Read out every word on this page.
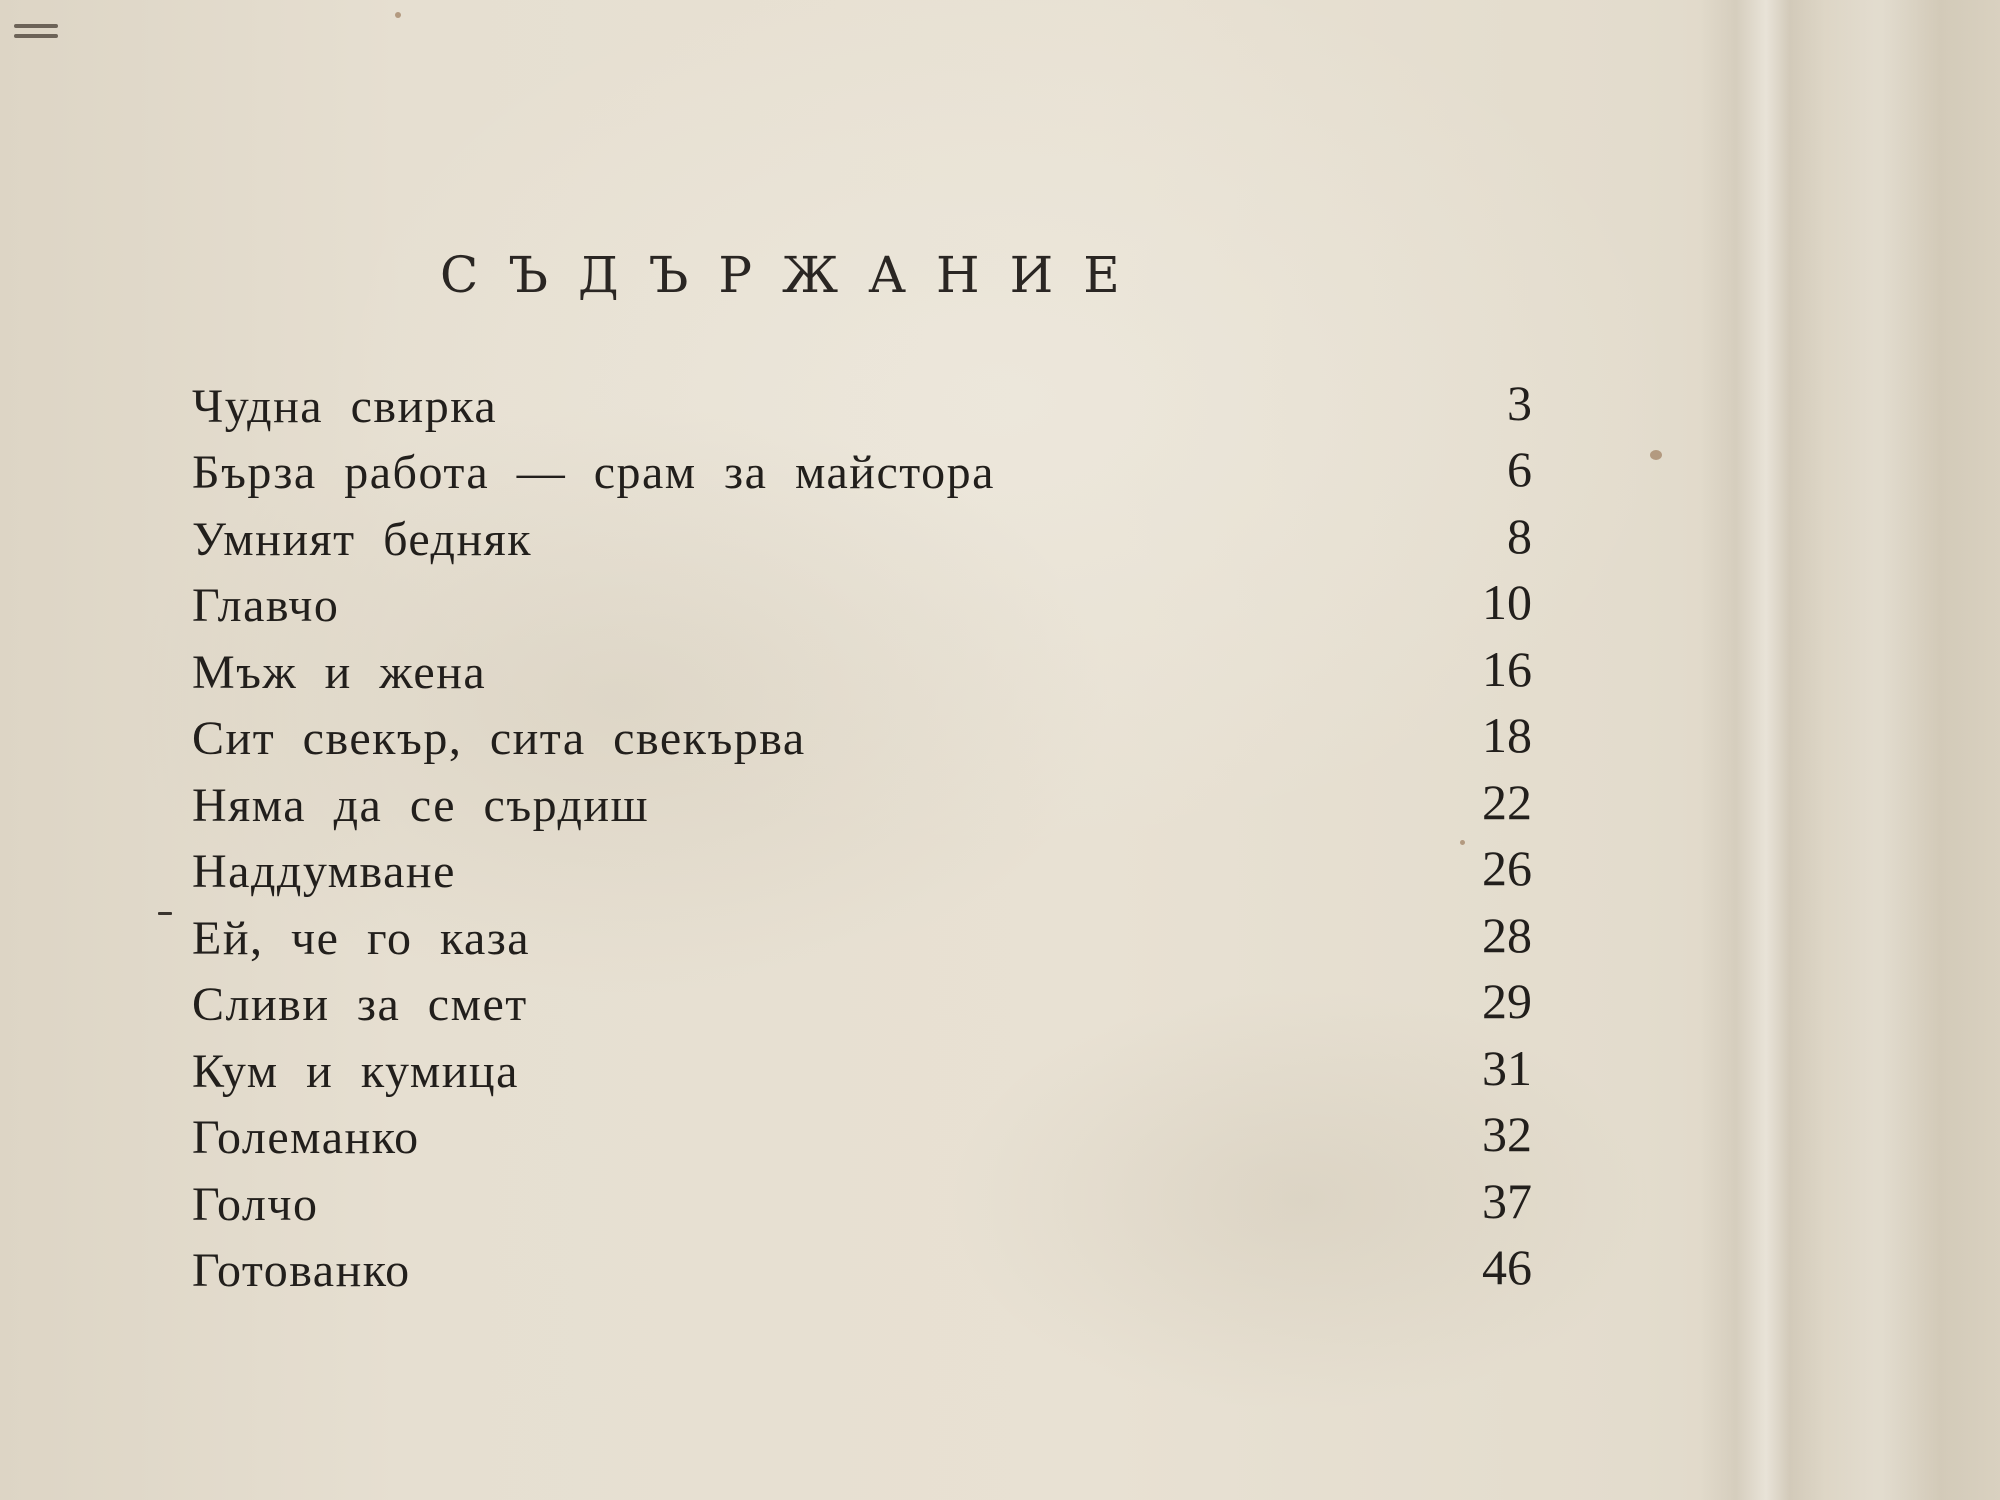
СЪДЪРЖАНИЕ
Чудна свирка	3
Бърза работа — срам за майстора	6
Умният бедняк	8
Главчо	10
Мъж и жена	16
Сит свекър, сита свекърва	18
Няма да се сърдиш	22
Наддумване	26
Ей, че го каза	28
Сливи за смет	29
Кум и кумица	31
Големанко	32
Голчо	37
Готованко	46
